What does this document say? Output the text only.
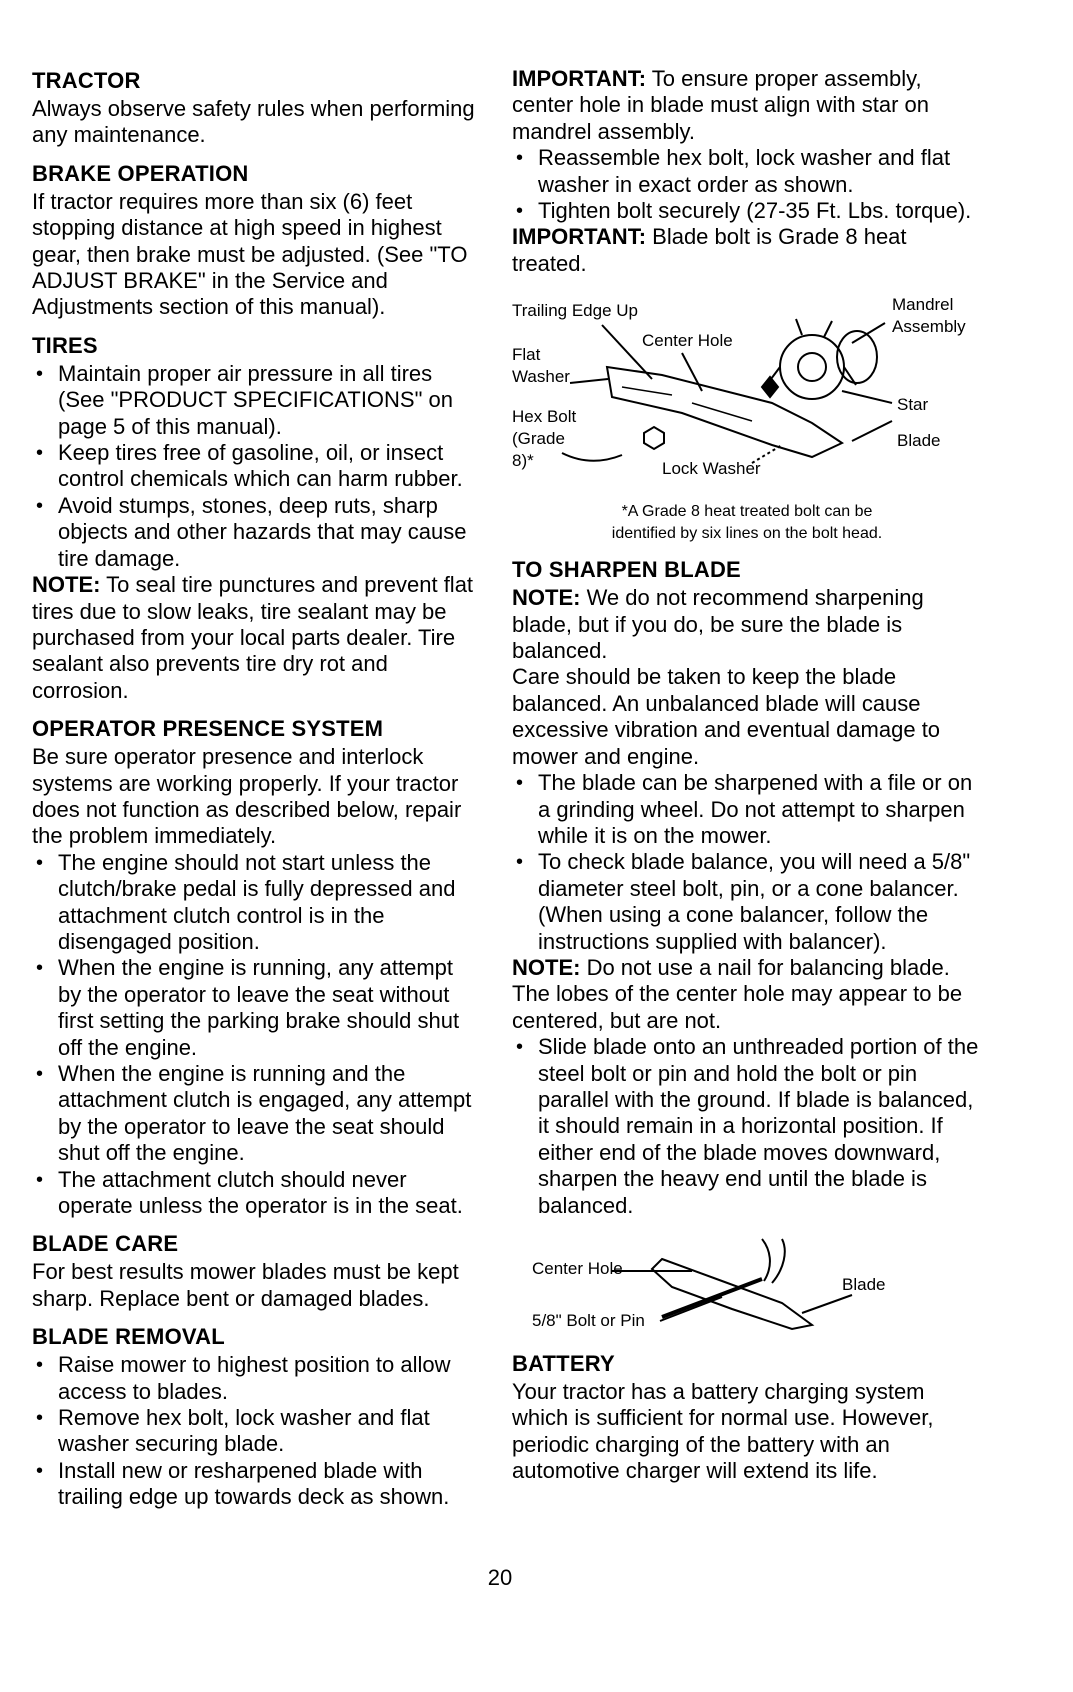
TRACTOR

Always observe safety rules when performing any maintenance.

BRAKE OPERATION

If tractor requires more than six (6) feet stopping distance at high speed in highest gear, then brake must be adjusted. (See "TO ADJUST BRAKE" in the Service and Adjustments section of this manual).

TIRES
• Maintain proper air pressure in all tires (See "PRODUCT SPECIFICATIONS" on page 5 of this manual).
• Keep tires free of gasoline, oil, or insect control chemicals which can harm rubber.
• Avoid stumps, stones, deep ruts, sharp objects and other hazards that may cause tire damage.

NOTE: To seal tire punctures and prevent flat tires due to slow leaks, tire sealant may be purchased from your local parts dealer. Tire sealant also prevents tire dry rot and corrosion.

OPERATOR PRESENCE SYSTEM

Be sure operator presence and interlock systems are working properly. If your tractor does not function as described below, repair the problem immediately.

• The engine should not start unless the clutch/brake pedal is fully depressed and attachment clutch control is in the disengaged position.
• When the engine is running, any attempt by the operator to leave the seat without first setting the parking brake should shut off the engine.
• When the engine is running and the attachment clutch is engaged, any attempt by the operator to leave the seat should shut off the engine.
• The attachment clutch should never operate unless the operator is in the seat.
BLADE CARE

For best results mower blades must be kept sharp. Replace bent or damaged blades.

BLADE REMOVAL
• Raise mower to highest position to allow access to blades.
• Remove hex bolt, lock washer and flat washer securing blade.
• Install new or resharpened blade with trailing edge up towards deck as shown.

IMPORTANT: To ensure proper assembly, center hole in blade must align with star on mandrel assembly.

• Reassemble hex bolt, lock washer and flat washer in exact order as shown.
• Tighten bolt securely (27-35 Ft. Lbs. torque).

IMPORTANT: Blade bolt is Grade 8 heat treated.

Trailing Edge Up	Mandrel
Assembly
Center Hole
Flat
Washer
Star
Hex Bolt
(Grade
8)*
Blade
Lock Washer

*A Grade 8 heat treated bolt can be

identified by six lines on the bolt head.

TO SHARPEN BLADE

NOTE: We do not recommend sharpening blade, but if you do, be sure the blade is balanced.

Care should be taken to keep the blade balanced. An unbalanced blade will cause excessive vibration and eventual damage to mower and engine.

• The blade can be sharpened with a file or on a grinding wheel. Do not attempt to sharpen while it is on the mower.
• To check blade balance, you will need a 5/8" diameter steel bolt, pin, or a cone balancer. (When using a cone balancer, follow the instructions supplied with balancer).

NOTE: Do not use a nail for balancing blade. The lobes of the center hole may appear to be centered, but are not.

• Slide blade onto an unthreaded portion of the steel bolt or pin and hold the bolt or pin parallel with the ground. If blade is balanced, it should remain in a horizontal position. If either end of the blade moves downward, sharpen the heavy end until the blade is balanced.
Center Hole
Blade
5/8" Bolt or Pin
BATTERY

Your tractor has a battery charging system which is sufficient for normal use. However, periodic charging of the battery with an automotive charger will extend its life.

20
